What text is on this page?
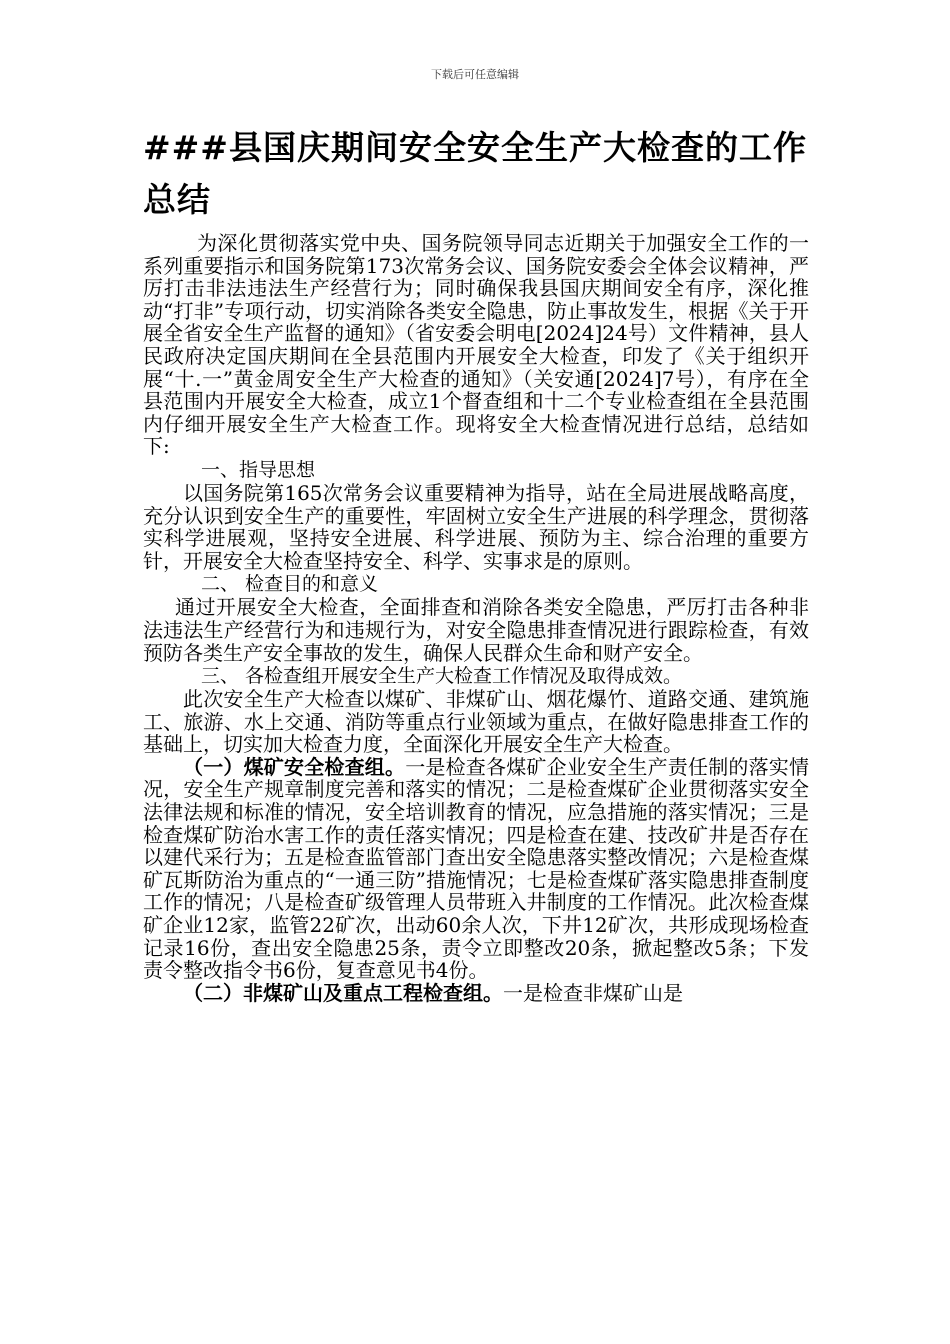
下载后可任意编辑
###县国庆期间安全安全生产大检查的工作总结

为深化贯彻落实党中央、国务院领导同志近期关于加强安全工作的一系列重要指示和国务院第173次常务会议、国务院安委会全体会议精神，严厉打击非法违法生产经营行为；同时确保我县国庆期间安全有序，深化推动“打非”专项行动，切实消除各类安全隐患，防止事故发生，根据《关于开展全省安全生产监督的通知》（省安委会明电[2024]24号）文件精神，县人民政府决定国庆期间在全县范围内开展安全大检查，印发了《关于组织开展“十.一”黄金周安全生产大检查的通知》（关安通[2024]7号），有序在全县范围内开展安全大检查，成立1个督查组和十二个专业检查组在全县范围内仔细开展安全生产大检查工作。现将安全大检查情况进行总结，总结如下:

一、指导思想

以国务院第165次常务会议重要精神为指导，站在全局进展战略高度，充分认识到安全生产的重要性，牢固树立安全生产进展的科学理念，贯彻落实科学进展观，坚持安全进展、科学进展、预防为主、综合治理的重要方针，开展安全大检查坚持安全、科学、实事求是的原则。

二、 检查目的和意义

通过开展安全大检查，全面排查和消除各类安全隐患，严厉打击各种非法违法生产经营行为和违规行为，对安全隐患排查情况进行跟踪检查，有效预防各类生产安全事故的发生，确保人民群众生命和财产安全。

三、 各检查组开展安全生产大检查工作情况及取得成效。

此次安全生产大检查以煤矿、非煤矿山、烟花爆竹、道路交通、建筑施工、旅游、水上交通、消防等重点行业领域为重点，在做好隐患排查工作的基础上，切实加大检查力度，全面深化开展安全生产大检查。

（一）煤矿安全检查组。一是检查各煤矿企业安全生产责任制的落实情况，安全生产规章制度完善和落实的情况；二是检查煤矿企业贯彻落实安全法律法规和标准的情况，安全培训教育的情况，应急措施的落实情况；三是检查煤矿防治水害工作的责任落实情况；四是检查在建、技改矿井是否存在以建代采行为；五是检查监管部门查出安全隐患落实整改情况；六是检查煤矿瓦斯防治为重点的“一通三防”措施情况；七是检查煤矿落实隐患排查制度工作的情况；八是检查矿级管理人员带班入井制度的工作情况。此次检查煤矿企业12家，监管22矿次，出动60余人次，下井12矿次，共形成现场检查记录16份，查出安全隐患25条，责令立即整改20条，掀起整改5条；下发责令整改指令书6份，复查意见书4份。

（二）非煤矿山及重点工程检查组。一是检查非煤矿山是
